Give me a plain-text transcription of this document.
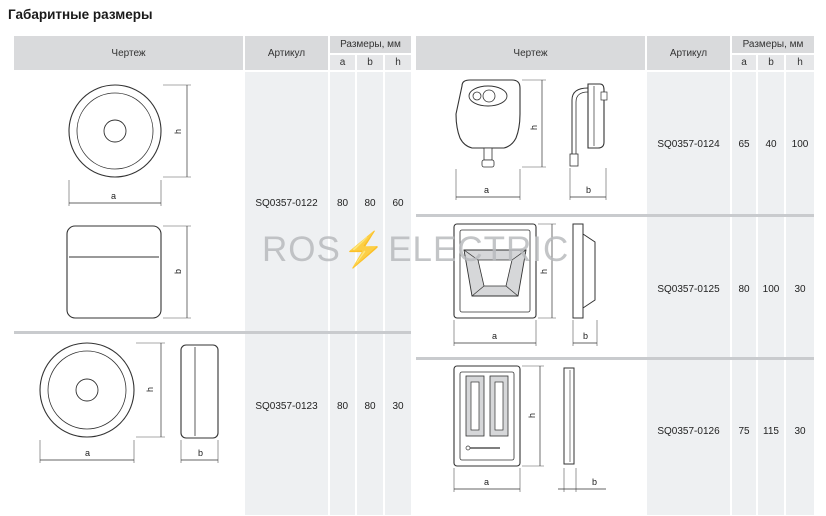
Габаритные размеры
Чертеж	Артикул
Размеры, мм
a	b	h
Чертеж	Артикул
Размеры, мм
a	b	h
SQ0357-0122	80	80	60
SQ0357-0123	80	80	30
SQ0357-0124	65	40	100
SQ0357-0125	80	100	30
SQ0357-0126	75	115	30
h
a
b
h
a	b
h
a	b
h
a	b
h
a	b
ROS ⚡ ELECTRIC
